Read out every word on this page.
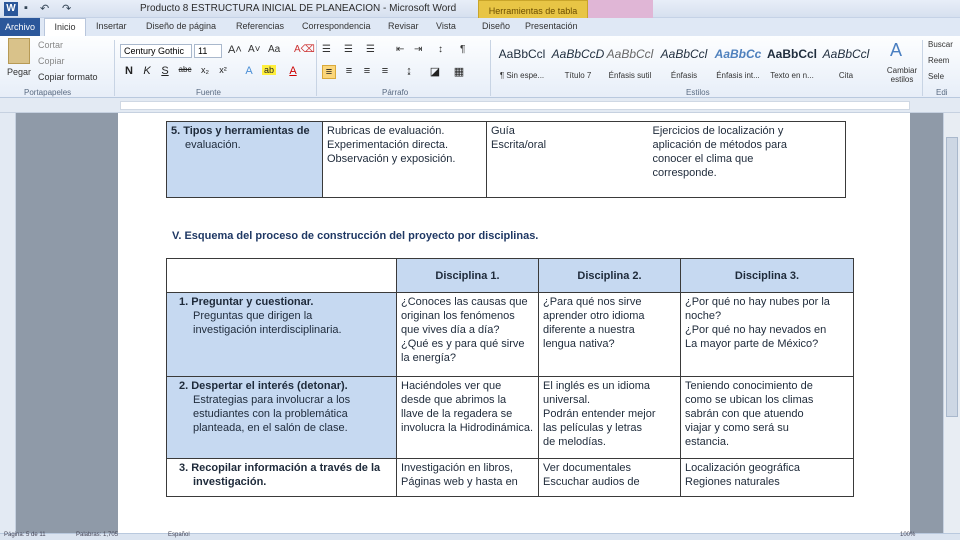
W ▪ ↶ ↷	Producto 8 ESTRUCTURA INICIAL DE PLANEACION - Microsoft Word	Herramientas de tabla
Archivo	Inicio	Insertar Diseño de página Referencias Correspondencia Revisar Vista	Diseño Presentación
Pegar
Cortar
Copiar
Copiar formato
Portapapeles
Century Gothic	11	A˄ A˅ Aa A⌫
N K S	abc	x₂	x²	A	ab	A
Fuente
☰ ☰ ☰ ⇤ ⇥ ↕ ¶
≡	≡	≡	≡	↨	◪ ▦
Párrafo
AaBbCcl
¶ Sin espe...
AaBbCcD
Título 7
AaBbCcl
Énfasis sutil
AaBbCcl
Énfasis
AaBbCc
Énfasis int...
AaBbCcl
Texto en n...
AaBbCcl
Cita
Estilos
A
Cambiar estilos
Buscar
Reem
Sele
Edi
5. Tipos y herramientas de
evaluación.
	Rubricas de evaluación.
Experimentación directa.
Observación y exposición.	Guía
Escrita/oral	Ejercicios de localización y
aplicación de métodos para
conocer el clima que
corresponde.
V. Esquema del proceso de construcción del proyecto por disciplinas.
	Disciplina 1.	Disciplina 2.	Disciplina 3.
1. Preguntar y cuestionar.
Preguntas que dirigen la
investigación interdisciplinaria.	¿Conoces las causas que
originan los fenómenos
que vives día a día?
¿Qué es y para qué sirve
la energía?	¿Para qué nos sirve
aprender otro idioma
diferente a nuestra
lengua nativa?	¿Por qué no hay nubes por la
noche?
¿Por qué no hay nevados en
La mayor parte de México?
2. Despertar el interés (detonar).
Estrategias para involucrar a los
estudiantes con la problemática
planteada, en el salón de clase.	Haciéndoles ver que
desde que abrimos la
llave de la regadera se
involucra la Hidrodinámica.	El inglés es un idioma
universal.
Podrán entender mejor
las películas y letras
de melodías.	Teniendo conocimiento de
como se ubican los climas
sabrán con que atuendo
viajar y como será su
estancia.
3. Recopilar información a través de la
investigación.	Investigación en libros,
Páginas web y hasta en	Ver documentales
Escuchar audios de	Localización geográfica
Regiones naturales
Página: 5 de 11	Palabras: 1,705	Español	100%
